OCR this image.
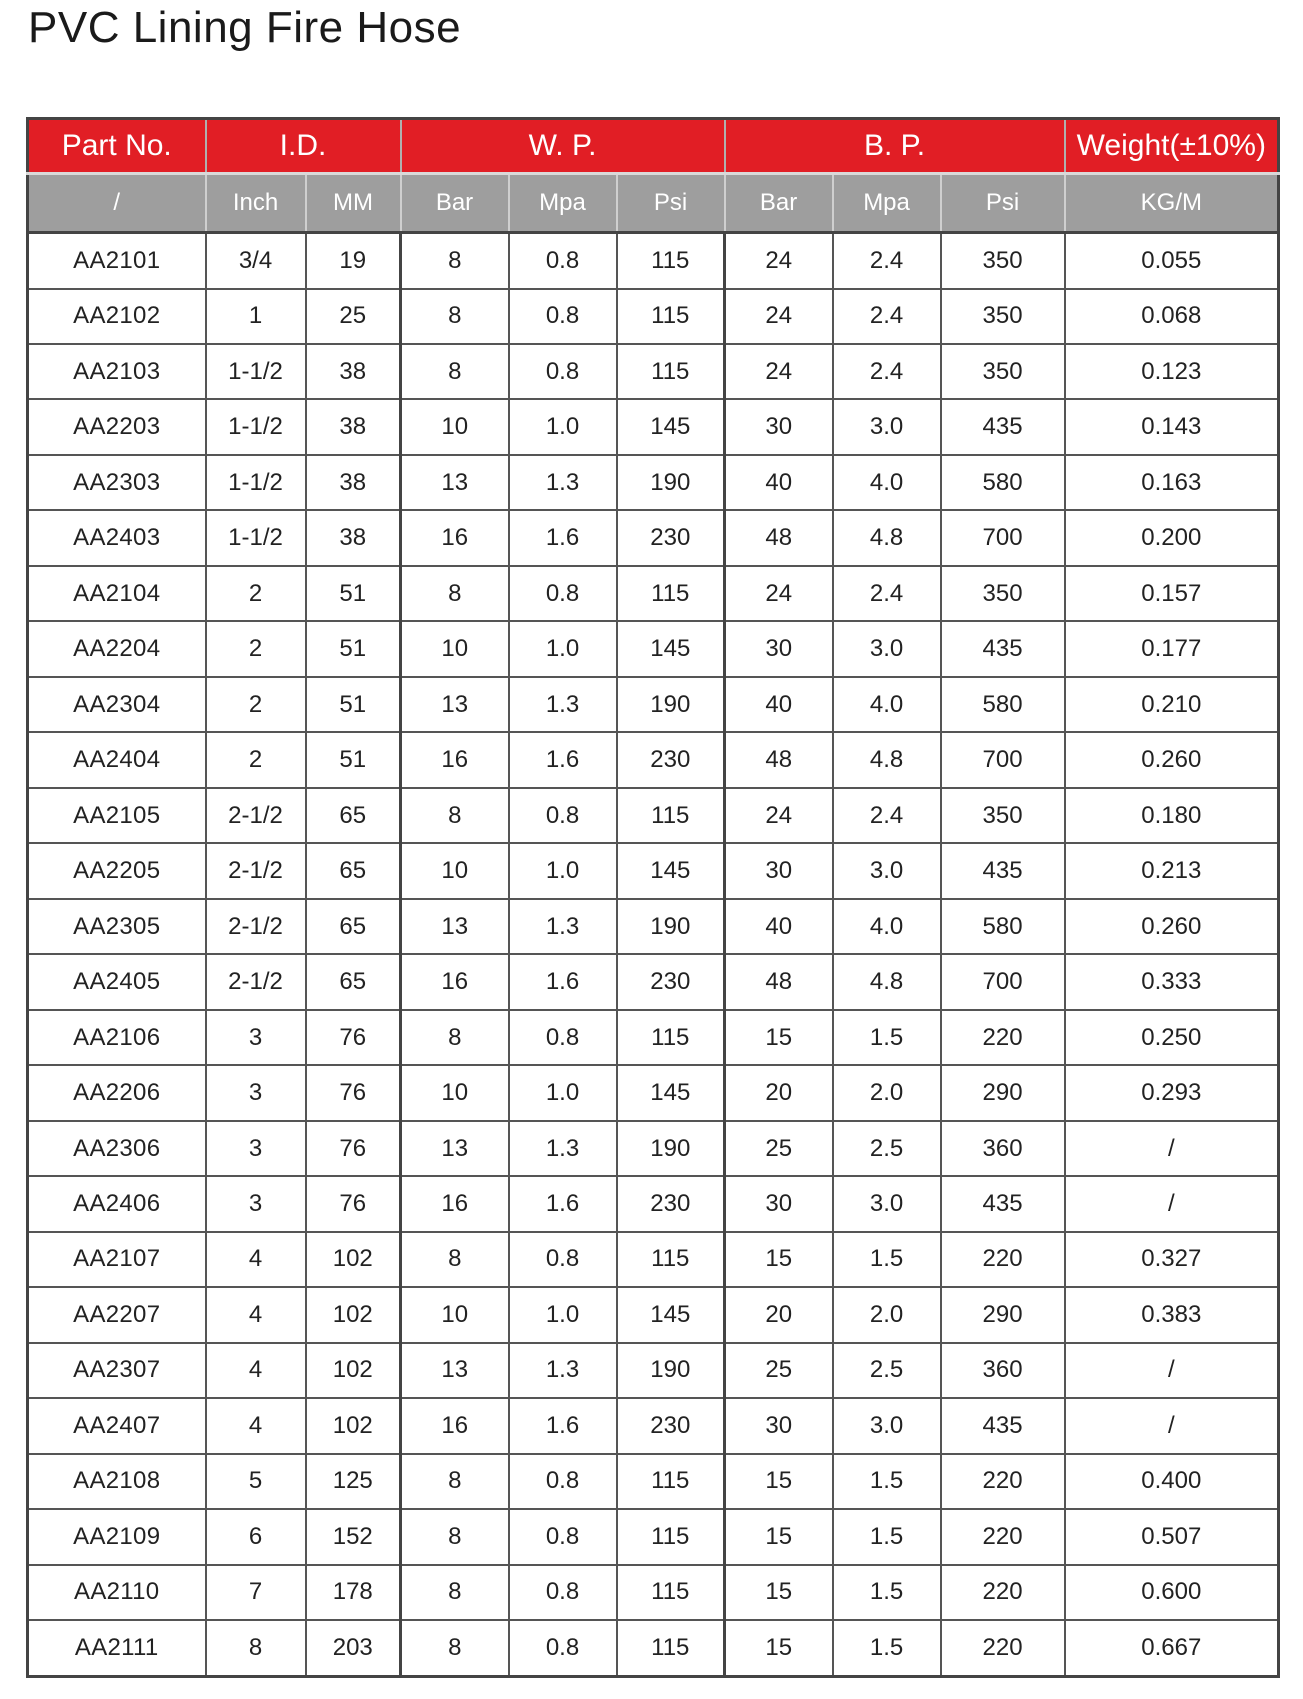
PVC Lining Fire Hose
Part No.	I.D.		W. P.			B. P.			Weight(±10%)
/	Inch	MM	Bar	Mpa	Psi	Bar	Mpa	Psi	KG/M
AA2101	3/4	19	8	0.8	115	24	2.4	350	0.055
AA2102	1	25	8	0.8	115	24	2.4	350	0.068
AA2103	1-1/2	38	8	0.8	115	24	2.4	350	0.123
AA2203	1-1/2	38	10	1.0	145	30	3.0	435	0.143
AA2303	1-1/2	38	13	1.3	190	40	4.0	580	0.163
AA2403	1-1/2	38	16	1.6	230	48	4.8	700	0.200
AA2104	2	51	8	0.8	115	24	2.4	350	0.157
AA2204	2	51	10	1.0	145	30	3.0	435	0.177
AA2304	2	51	13	1.3	190	40	4.0	580	0.210
AA2404	2	51	16	1.6	230	48	4.8	700	0.260
AA2105	2-1/2	65	8	0.8	115	24	2.4	350	0.180
AA2205	2-1/2	65	10	1.0	145	30	3.0	435	0.213
AA2305	2-1/2	65	13	1.3	190	40	4.0	580	0.260
AA2405	2-1/2	65	16	1.6	230	48	4.8	700	0.333
AA2106	3	76	8	0.8	115	15	1.5	220	0.250
AA2206	3	76	10	1.0	145	20	2.0	290	0.293
AA2306	3	76	13	1.3	190	25	2.5	360	/
AA2406	3	76	16	1.6	230	30	3.0	435	/
AA2107	4	102	8	0.8	115	15	1.5	220	0.327
AA2207	4	102	10	1.0	145	20	2.0	290	0.383
AA2307	4	102	13	1.3	190	25	2.5	360	/
AA2407	4	102	16	1.6	230	30	3.0	435	/
AA2108	5	125	8	0.8	115	15	1.5	220	0.400
AA2109	6	152	8	0.8	115	15	1.5	220	0.507
AA2110	7	178	8	0.8	115	15	1.5	220	0.600
AA2111	8	203	8	0.8	115	15	1.5	220	0.667
